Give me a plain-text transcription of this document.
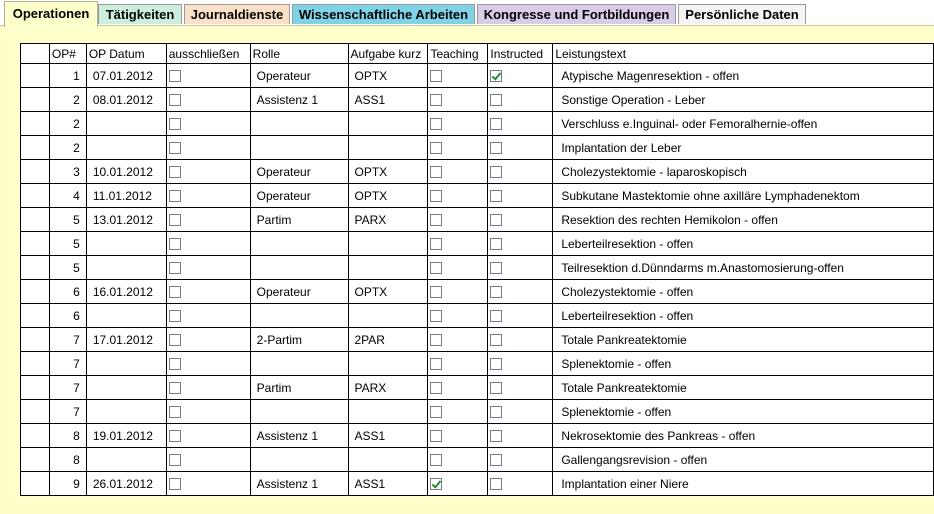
Operationen	Tätigkeiten	Journaldienste	Wissenschaftliche Arbeiten	Kongresse und Fortbildungen	Persönliche Daten
	OP#	OP Datum	ausschließen	Rolle	Aufgabe kurz	Teaching	Instructed	Leistungstext
	1	07.01.2012		Operateur	OPTX			Atypische Magenresektion - offen
	2	08.01.2012		Assistenz 1	ASS1			Sonstige Operation - Leber
	2							Verschluss e.Inguinal- oder Femoralhernie-offen
	2							Implantation der Leber
	3	10.01.2012		Operateur	OPTX			Cholezystektomie - laparoskopisch
	4	11.01.2012		Operateur	OPTX			Subkutane Mastektomie ohne axilläre Lymphadenektom
	5	13.01.2012		Partim	PARX			Resektion des rechten Hemikolon - offen
	5							Leberteilresektion - offen
	5							Teilresektion d.Dünndarms m.Anastomosierung-offen
	6	16.01.2012		Operateur	OPTX			Cholezystektomie - offen
	6							Leberteilresektion - offen
	7	17.01.2012		2-Partim	2PAR			Totale Pankreatektomie
	7							Splenektomie - offen
	7			Partim	PARX			Totale Pankreatektomie
	7							Splenektomie - offen
	8	19.01.2012		Assistenz 1	ASS1			Nekrosektomie des Pankreas - offen
	8							Gallengangsrevision - offen
	9	26.01.2012		Assistenz 1	ASS1			Implantation einer Niere
